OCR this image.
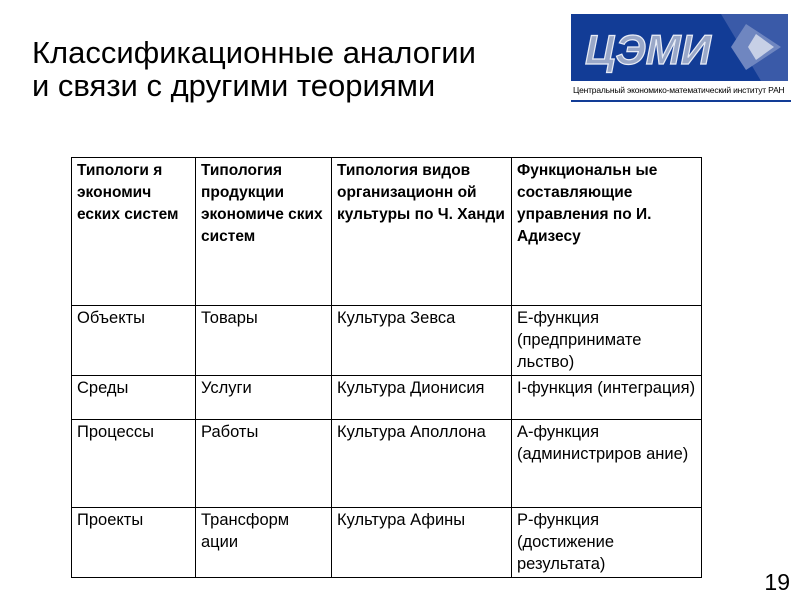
Классификационные аналогии
и связи с другими теориями
ЦЭМИ
Центральный экономико-математический институт РАН
Типологи я экономич еских систем	Типология продукции экономиче ских систем	Типология видов организационн ой культуры по Ч. Ханди	Функциональн ые составляющие управления по И. Адизесу
Объекты	Товары	Культура Зевса	E-функция (предпринимате льство)
Среды	Услуги	Культура Дионисия	I-функция (интеграция)
Процессы	Работы	Культура Аполлона	A-функция (администриров ание)
Проекты	Трансформ ации	Культура Афины	P-функция (достижение результата)
19
